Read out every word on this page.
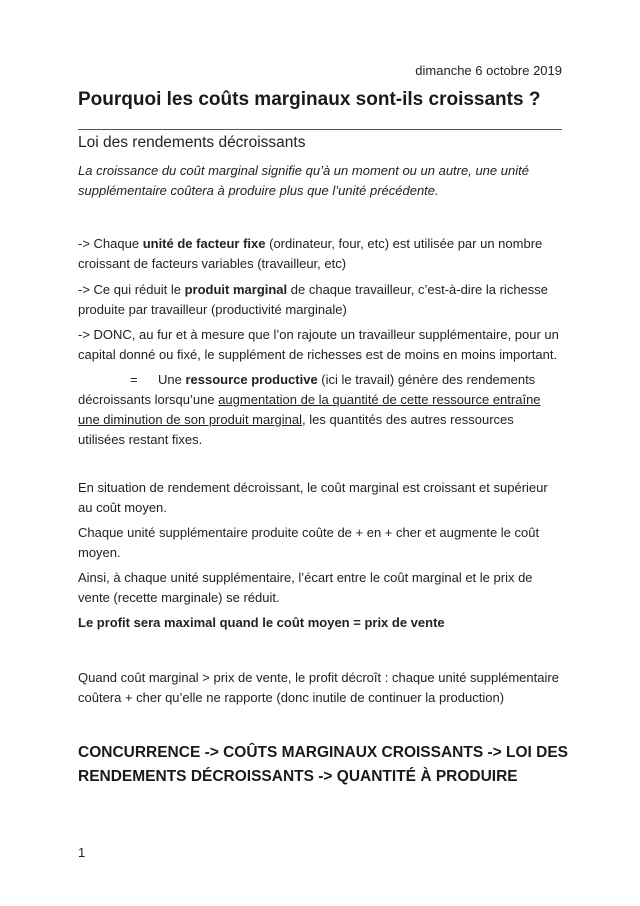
dimanche 6 octobre 2019
Pourquoi les coûts marginaux sont-ils croissants ?
Loi des rendements décroissants
La croissance du coût marginal signifie qu’à un moment ou un autre, une unité supplémentaire coûtera à produire plus que l’unité précédente.
-> Chaque unité de facteur fixe (ordinateur, four, etc) est utilisée par un nombre croissant de facteurs variables (travailleur, etc)
-> Ce qui réduit le produit marginal de chaque travailleur, c’est-à-dire la richesse produite par travailleur (productivité marginale)
-> DONC, au fur et à mesure que l’on rajoute un travailleur supplémentaire, pour un capital donné ou fixé, le supplément de richesses est de moins en moins important.
= Une ressource productive (ici le travail) génère des rendements décroissants lorsqu’une augmentation de la quantité de cette ressource entraîne une diminution de son produit marginal, les quantités des autres ressources utilisées restant fixes.
En situation de rendement décroissant, le coût marginal est croissant et supérieur au coût moyen.
Chaque unité supplémentaire produite coûte de + en + cher et augmente le coût moyen.
Ainsi, à chaque unité supplémentaire, l’écart entre le coût marginal et le prix de vente (recette marginale) se réduit.
Le profit sera maximal quand le coût moyen = prix de vente
Quand coût marginal > prix de vente, le profit décroît : chaque unité supplémentaire coûtera + cher qu’elle ne rapporte (donc inutile de continuer la production)
CONCURRENCE -> COÛTS MARGINAUX CROISSANTS -> LOI DES RENDEMENTS DÉCROISSANTS -> QUANTITÉ À PRODUIRE
1
